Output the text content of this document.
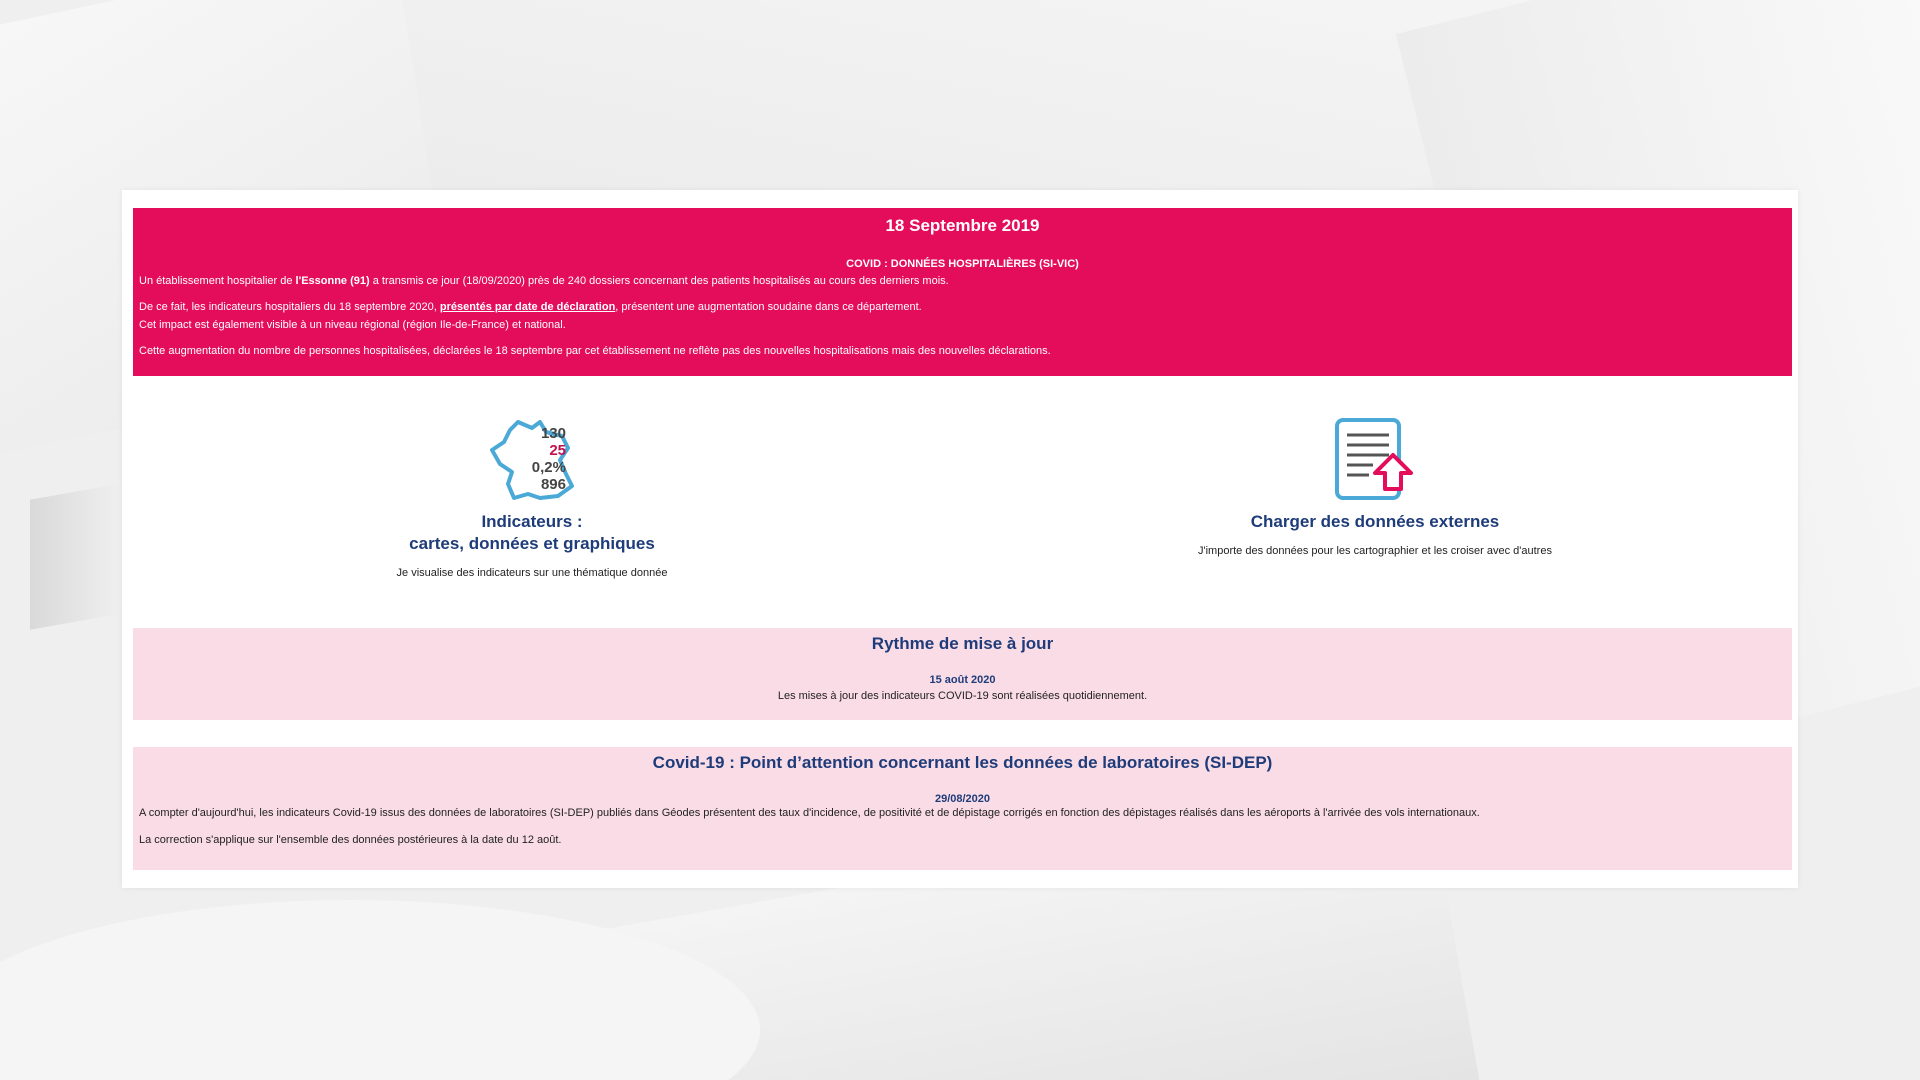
18 Septembre 2019
COVID : DONNÉES HOSPITALIÈRES (SI-VIC)

Un établissement hospitalier de l'Essonne (91) a transmis ce jour (18/09/2020) près de 240 dossiers concernant des patients hospitalisés au cours des derniers mois.

De ce fait, les indicateurs hospitaliers du 18 septembre 2020, présentés par date de déclaration, présentent une augmentation soudaine dans ce département.

Cet impact est également visible à un niveau régional (région Ile-de-France) et national.

Cette augmentation du nombre de personnes hospitalisées, déclarées le 18 septembre par cet établissement ne reflète pas des nouvelles hospitalisations mais des nouvelles déclarations.

130
25
0,2%
896
Indicateurs :
cartes, données et graphiques
Je visualise des indicateurs sur une thématique donnée
Charger des données externes
J'importe des données pour les cartographier et les croiser avec d'autres
Rythme de mise à jour
15 août 2020
Les mises à jour des indicateurs COVID-19 sont réalisées quotidiennement.
Covid-19 : Point d’attention concernant les données de laboratoires (SI-DEP)
29/08/2020
A compter d'aujourd'hui, les indicateurs Covid-19 issus des données de laboratoires (SI-DEP) publiés dans Géodes présentent des taux d'incidence, de positivité et de dépistage corrigés en fonction des dépistages réalisés dans les aéroports à l'arrivée des vols internationaux.
La correction s'applique sur l'ensemble des données postérieures à la date du 12 août.
